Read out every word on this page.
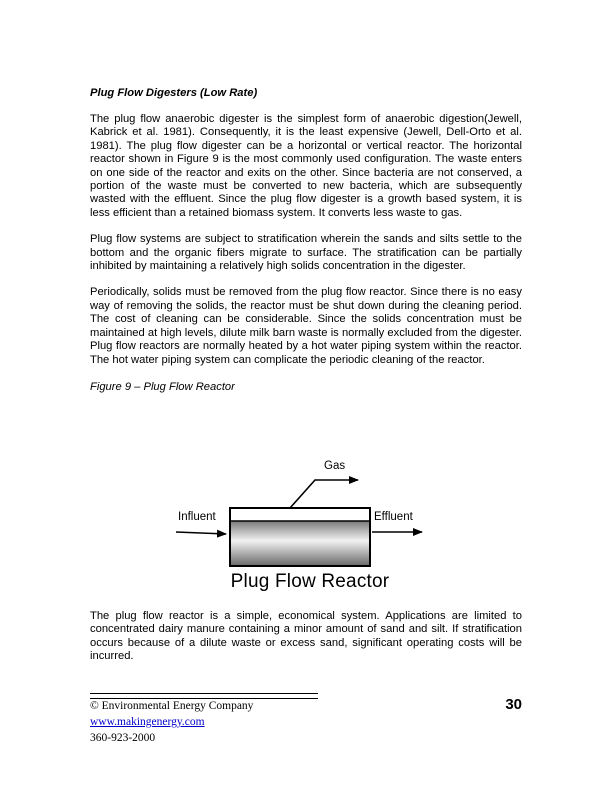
Plug Flow Digesters (Low Rate)

The plug flow anaerobic digester is the simplest form of anaerobic digestion(Jewell, Kabrick et al. 1981). Consequently, it is the least expensive (Jewell, Dell-Orto et al. 1981). The plug flow digester can be a horizontal or vertical reactor. The horizontal reactor shown in Figure 9 is the most commonly used configuration. The waste enters on one side of the reactor and exits on the other. Since bacteria are not conserved, a portion of the waste must be converted to new bacteria, which are subsequently wasted with the effluent. Since the plug flow digester is a growth based system, it is less efficient than a retained biomass system. It converts less waste to gas.

Plug flow systems are subject to stratification wherein the sands and silts settle to the bottom and the organic fibers migrate to surface. The stratification can be partially inhibited by maintaining a relatively high solids concentration in the digester.

Periodically, solids must be removed from the plug flow reactor. Since there is no easy way of removing the solids, the reactor must be shut down during the cleaning period. The cost of cleaning can be considerable. Since the solids concentration must be maintained at high levels, dilute milk barn waste is normally excluded from the digester. Plug flow reactors are normally heated by a hot water piping system within the reactor. The hot water piping system can complicate the periodic cleaning of the reactor.

Figure 9 – Plug Flow Reactor

Gas
Influent	Effluent
Plug Flow Reactor

The plug flow reactor is a simple, economical system. Applications are limited to concentrated dairy manure containing a minor amount of sand and silt. If stratification occurs because of a dilute waste or excess sand, significant operating costs will be incurred.

© Environmental Energy Company
www.makingenergy.com
360-923-2000
30
